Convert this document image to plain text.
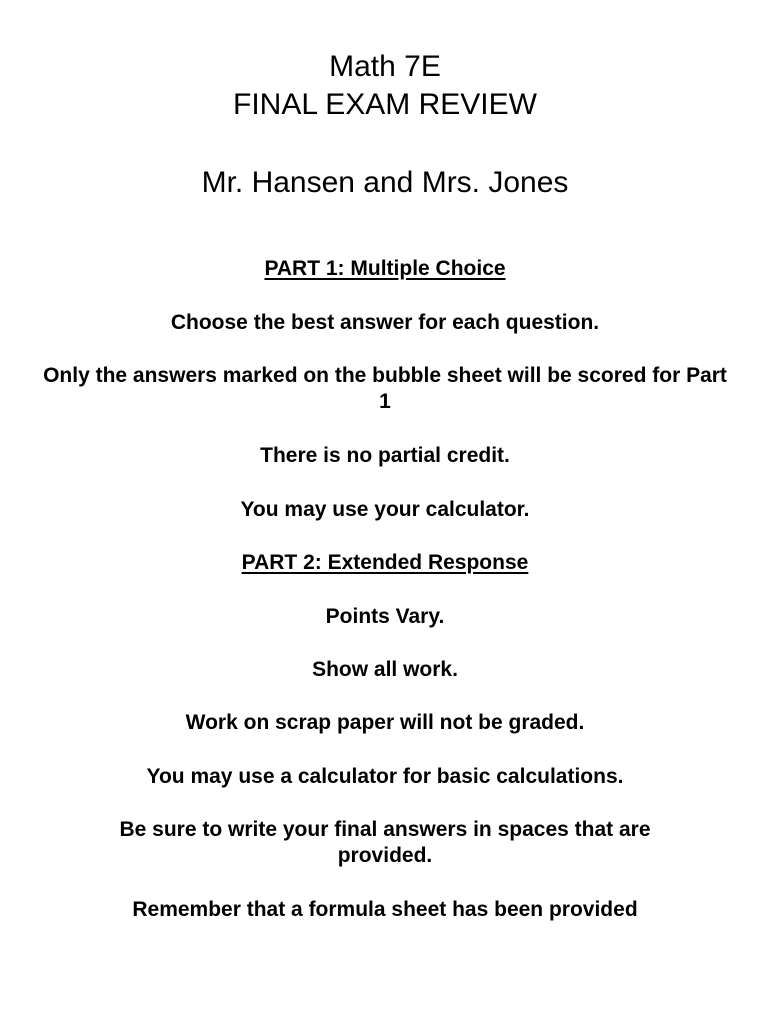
Math 7E
FINAL EXAM REVIEW
Mr. Hansen and Mrs. Jones
PART 1: Multiple Choice

Choose the best answer for each question.

Only the answers marked on the bubble sheet will be scored for Part 1

There is no partial credit.

You may use your calculator.

PART 2: Extended Response

Points Vary.

Show all work.

Work on scrap paper will not be graded.

You may use a calculator for basic calculations.

Be sure to write your final answers in spaces that are provided.

Remember that a formula sheet has been provided
